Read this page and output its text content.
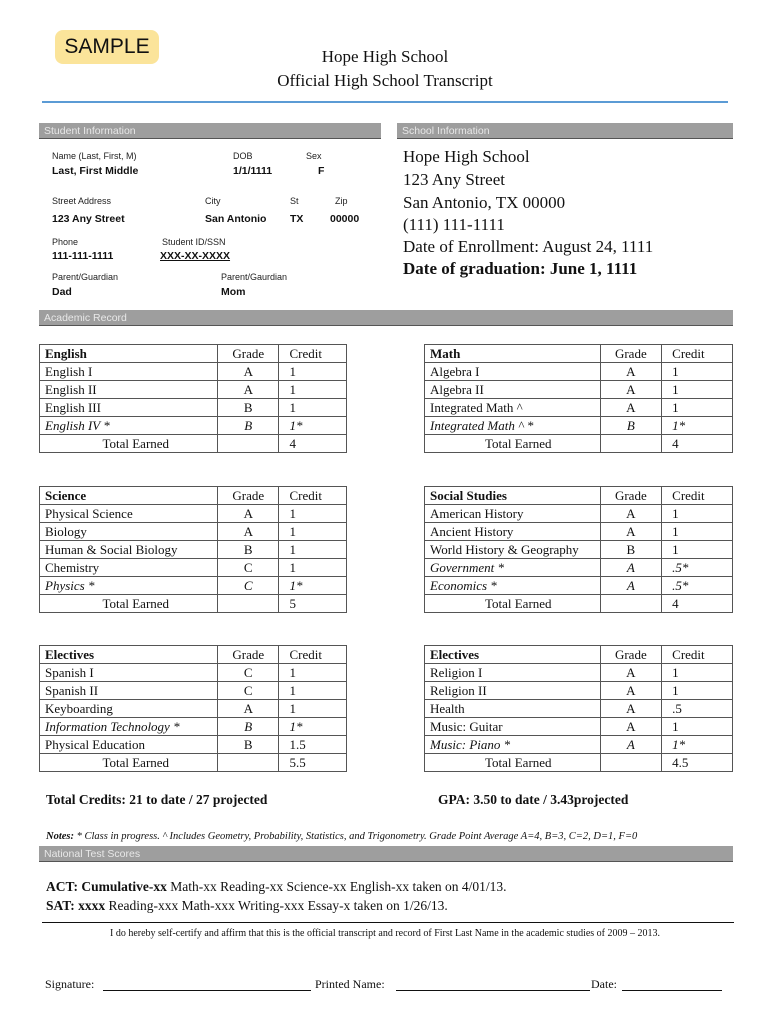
SAMPLE	Hope High School
Official High School Transcript
Student Information	School Information
Name (Last, First, M)
Last, First Middle
DOB
1/1/1111
Sex
F
Street Address
123 Any Street
City
San Antonio
St
TX
Zip
00000
Phone
111-111-1111
Student ID/SSN
XXX-XX-XXXX
Parent/Guardian
Dad
Parent/Gaurdian
Mom
Hope High School
123 Any Street
San Antonio, TX 00000
(111) 111-1111
Date of Enrollment: August 24, 1111
Date of graduation: June 1, 1111
Academic Record
English	Grade	Credit
English I	A	1
English II	A	1
English III	B	1
English IV *	B	1*
Total Earned		4
Math	Grade	Credit
Algebra I	A	1
Algebra II	A	1
Integrated Math ^	A	1
Integrated Math ^ *	B	1*
Total Earned		4
Science	Grade	Credit
Physical Science	A	1
Biology	A	1
Human & Social Biology	B	1
Chemistry	C	1
Physics *	C	1*
Total Earned		5
Social Studies	Grade	Credit
American History	A	1
Ancient History	A	1
World History & Geography	B	1
Government *	A	.5*
Economics *	A	.5*
Total Earned		4
Electives	Grade	Credit
Spanish I	C	1
Spanish II	C	1
Keyboarding	A	1
Information Technology *	B	1*
Physical Education	B	1.5
Total Earned		5.5
Electives	Grade	Credit
Religion I	A	1
Religion II	A	1
Health	A	.5
Music: Guitar	A	1
Music: Piano *	A	1*
Total Earned		4.5
Total Credits: 21 to date / 27 projected	GPA: 3.50 to date / 3.43projected
Notes: * Class in progress. ^ Includes Geometry, Probability, Statistics, and Trigonometry. Grade Point Average A=4, B=3, C=2, D=1, F=0
National Test Scores
ACT: Cumulative-xx Math-xx Reading-xx Science-xx English-xx taken on 4/01/13.
SAT: xxxx Reading-xxx Math-xxx Writing-xxx Essay-x taken on 1/26/13.
I do hereby self-certify and affirm that this is the official transcript and record of First Last Name in the academic studies of 2009 – 2013.
Signature:	Printed Name:	Date:
